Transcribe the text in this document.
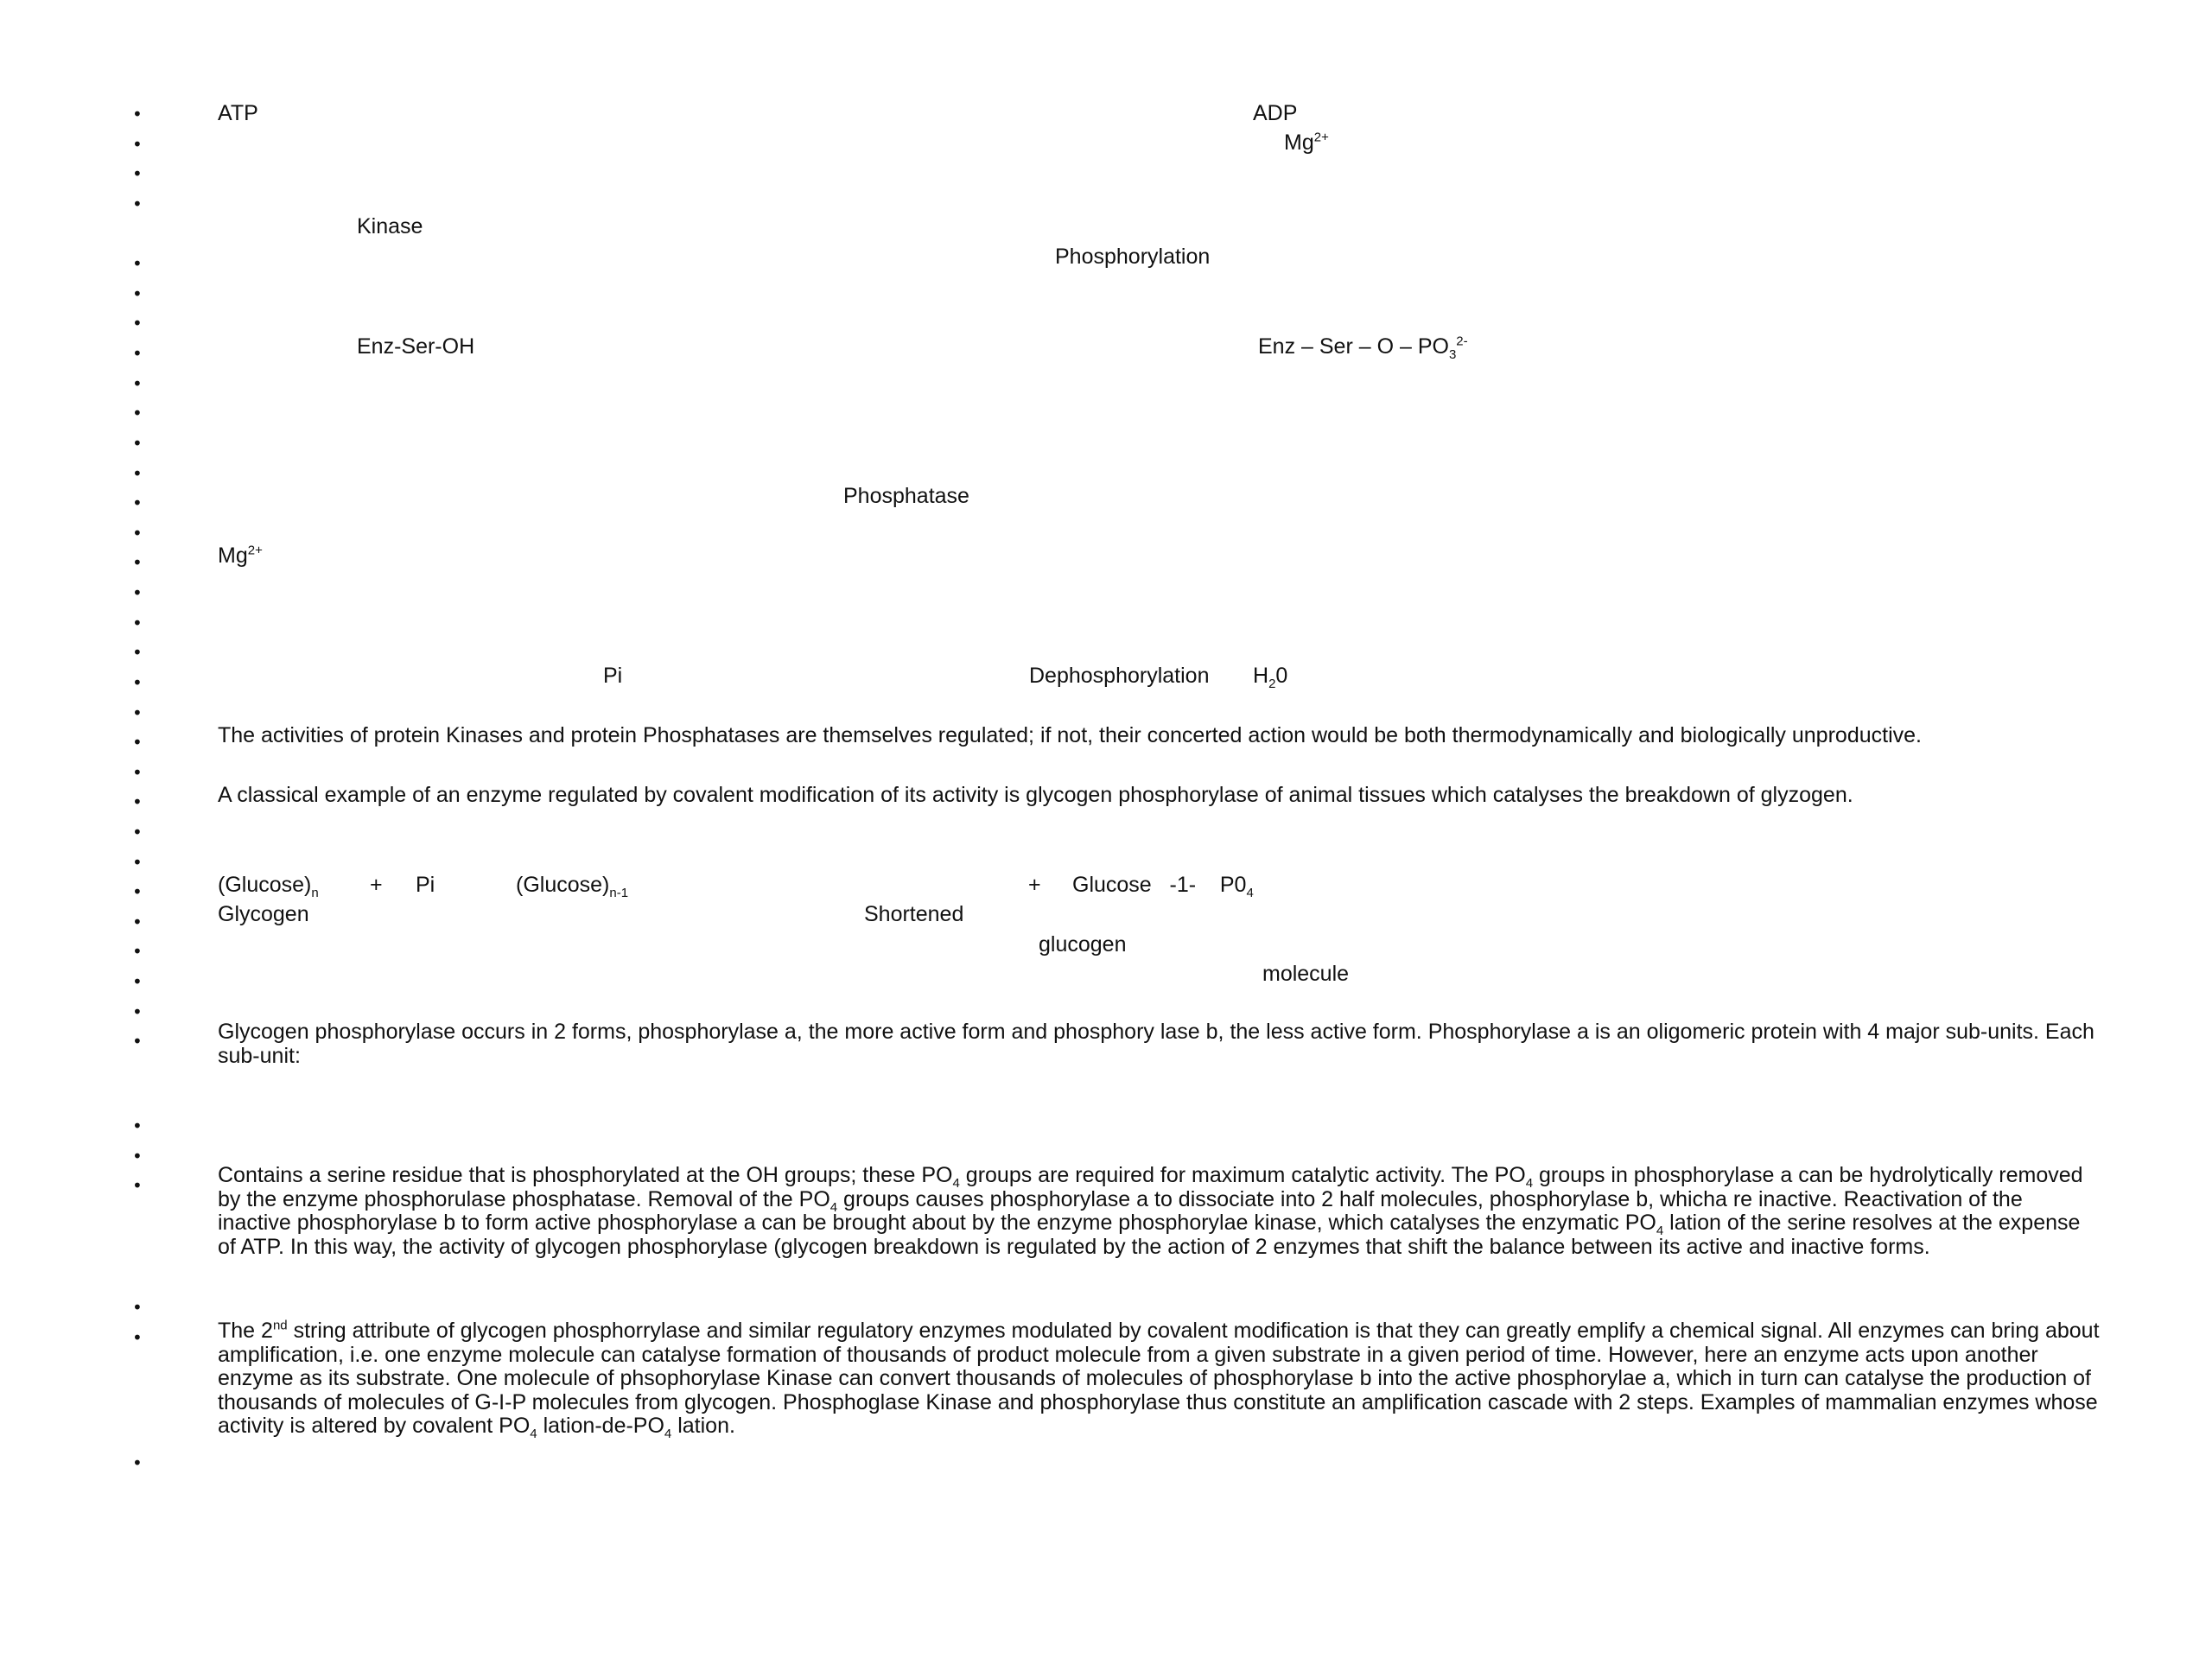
•
•
•
•
•
•
•
•
•
•
•
•
•
•
•
•
•
•
•
•
•
•
•
•
•
•
•
•
•
•
•
•
•
•
•
•
•
ATP	ADP
$Mg^{2+}$
Kinase
Phosphorylation
Enz-Ser-OH	Enz – Ser – O – $PO_3^{2-}$
Phosphatase
$Mg^{2+}$
Pi	Dephosphorylation $H_20$
The activities of protein Kinases and protein Phosphatases are themselves regulated; if not, their concerted action would be both thermodynamically and biologically unproductive.
A classical example of an enzyme regulated by covalent modification of its activity is glycogen phosphorylase of animal tissues which catalyses the breakdown of glyzogen.
$(Glucose)_n + Pi$	$(Glucose)_{n-1}$	+ Glucose   -1-    $P0_4$
Glycogen	Shortened
glucogen
molecule
Glycogen phosphorylase occurs in 2 forms, phosphorylase a, the more active form and phosphory lase b, the less active form. Phosphorylase a is an oligomeric protein with 4 major sub-units. Each sub-unit:
Contains a serine residue that is phosphorylated at the OH groups; these $PO_4$ groups are required for maximum catalytic activity. The $PO_4$ groups in phosphorylase a can be hydrolytically removed by the enzyme phosphorulase phosphatase. Removal of the $PO_4$ groups causes phosphorylase a to dissociate into 2 half molecules, phosphorylase b, whicha re inactive. Reactivation of the inactive phosphorylase b to form active phosphorylase a can be brought about by the enzyme phosphorylae kinase, which catalyses the enzymatic $PO_4$ lation of the serine resolves at the expense of ATP. In this way, the activity of glycogen phosphorylase (glycogen breakdown is regulated by the action of 2 enzymes that shift the balance between its active and inactive forms.
The 2nd string attribute of glycogen phosphorrylase and similar regulatory enzymes modulated by covalent modification is that they can greatly emplify a chemical signal. All enzymes can bring about amplification, i.e. one enzyme molecule can catalyse formation of thousands of product molecule from a given substrate in a given period of time. However, here an enzyme acts upon another enzyme as its substrate. One molecule of phsophorylase Kinase can convert thousands of molecules of phosphorylase b into the active phosphorylae a, which in turn can catalyse the production of thousands of molecules of G-I-P molecules from glycogen. Phosphoglase Kinase and phosphorylase thus constitute an amplification cascade with 2 steps. Examples of mammalian enzymes whose activity is altered by covalent $PO_4$ lation-$de-PO_4$ lation.
